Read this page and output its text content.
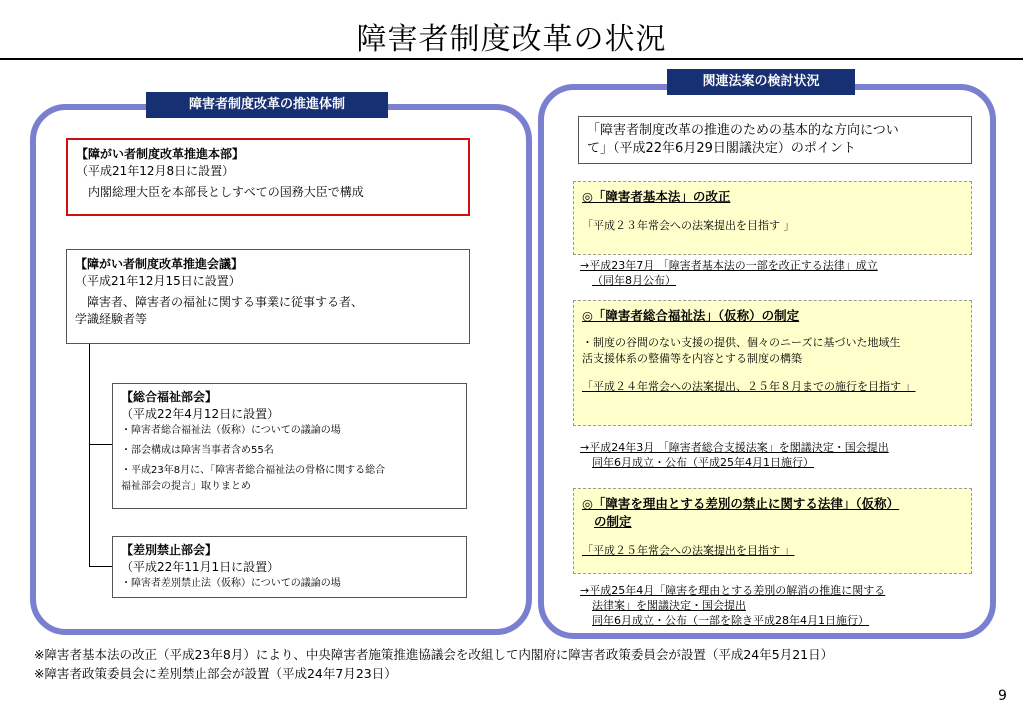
障害者制度改革の状況
障害者制度改革の推進体制
【障がい者制度改革推進本部】
（平成21年12月8日に設置）
内閣総理大臣を本部長としすべての国務大臣で構成
【障がい者制度改革推進会議】
（平成21年12月15日に設置）
障害者、障害者の福祉に関する事業に従事する者、
学識経験者等
【総合福祉部会】
（平成22年4月12日に設置）
・障害者総合福祉法（仮称）についての議論の場
・部会構成は障害当事者含め55名
・平成23年8月に、「障害者総合福祉法の骨格に関する総合
福祉部会の提言」取りまとめ
【差別禁止部会】
（平成22年11月1日に設置）
・障害者差別禁止法（仮称）についての議論の場
関連法案の検討状況
「障害者制度改革の推進のための基本的な方向につい
て」（平成22年6月29日閣議決定）のポイント
◎「障害者基本法」の改正
「平成２３年常会への法案提出を目指す 」
→平成23年7月 「障害者基本法の一部を改正する法律」成立
（同年8月公布）
◎「障害者総合福祉法」（仮称）の制定
・制度の谷間のない支援の提供、個々のニーズに基づいた地域生
活支援体系の整備等を内容とする制度の構築
「平成２４年常会への法案提出、２５年８月までの施行を目指す 」
→平成24年3月 「障害者総合支援法案」を閣議決定・国会提出
同年6月成立・公布（平成25年4月1日施行）
◎「障害を理由とする差別の禁止に関する法律」（仮称）
の制定
「平成２５年常会への法案提出を目指す 」
→平成25年4月「障害を理由とする差別の解消の推進に関する
法律案」を閣議決定・国会提出
同年6月成立・公布（一部を除き平成28年4月1日施行）
※障害者基本法の改正（平成23年8月）により、中央障害者施策推進協議会を改組して内閣府に障害者政策委員会が設置（平成24年5月21日）
※障害者政策委員会に差別禁止部会が設置（平成24年7月23日）
9
